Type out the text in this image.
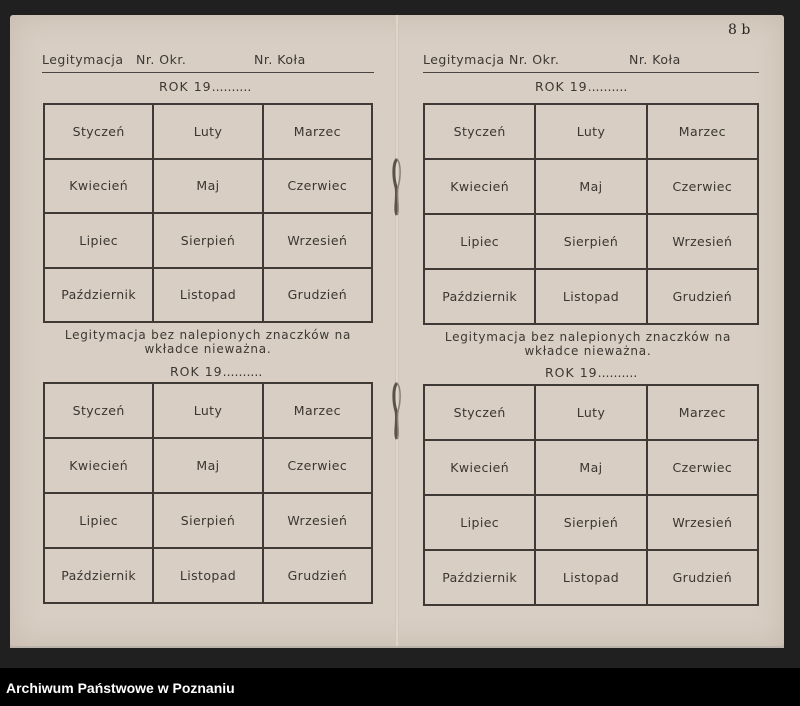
Legitymacja Nr. Okr.	Nr. Koła
ROK 19..........
Styczeń	Luty	Marzec
Kwiecień	Maj	Czerwiec
Lipiec	Sierpień	Wrzesień
Październik	Listopad	Grudzień
Legitymacja bez nalepionych znaczków na
wkładce nieważna.
ROK 19..........
Styczeń	Luty	Marzec
Kwiecień	Maj	Czerwiec
Lipiec	Sierpień	Wrzesień
Październik	Listopad	Grudzień
Legitymacja Nr. Okr.	Nr. Koła
ROK 19..........
Styczeń	Luty	Marzec
Kwiecień	Maj	Czerwiec
Lipiec	Sierpień	Wrzesień
Październik	Listopad	Grudzień
Legitymacja bez nalepionych znaczków na
wkładce nieważna.
ROK 19..........
Styczeń	Luty	Marzec
Kwiecień	Maj	Czerwiec
Lipiec	Sierpień	Wrzesień
Październik	Listopad	Grudzień
8 b
Archiwum Państwowe w Poznaniu
